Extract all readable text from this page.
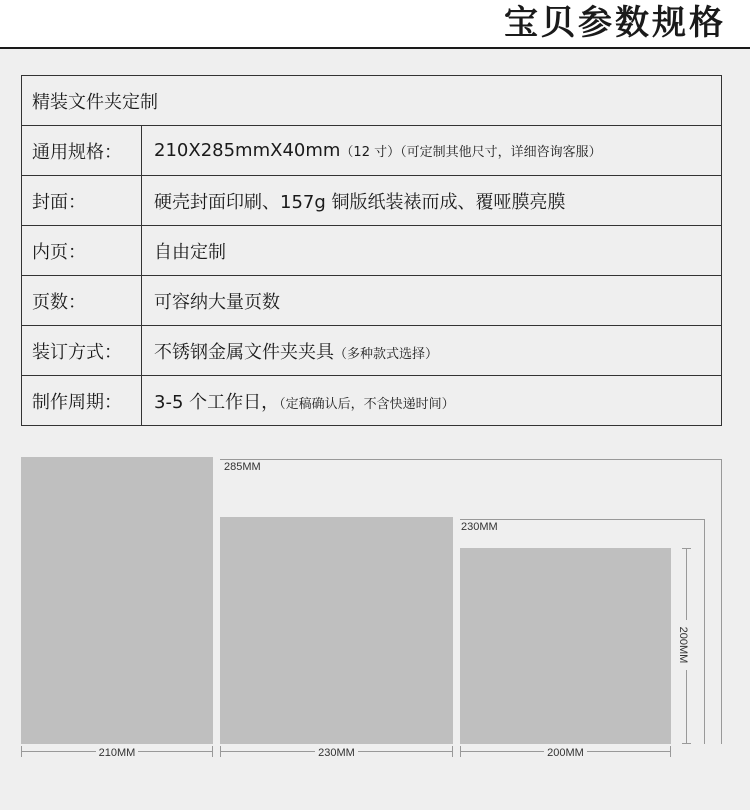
宝贝参数规格
精装文件夹定制	
通用规格：	210X285mmX40mm（12 寸）（可定制其他尺寸，详细咨询客服）
封面：	硬壳封面印刷、157g 铜版纸装裱而成、覆哑膜亮膜
内页：	自由定制
页数：	可容纳大量页数
装订方式：	不锈钢金属文件夹夹具（多种款式选择）
制作周期：	3-5 个工作日，（定稿确认后，不含快递时间）
285MM
230MM
200MM
210MM	230MM	200MM
